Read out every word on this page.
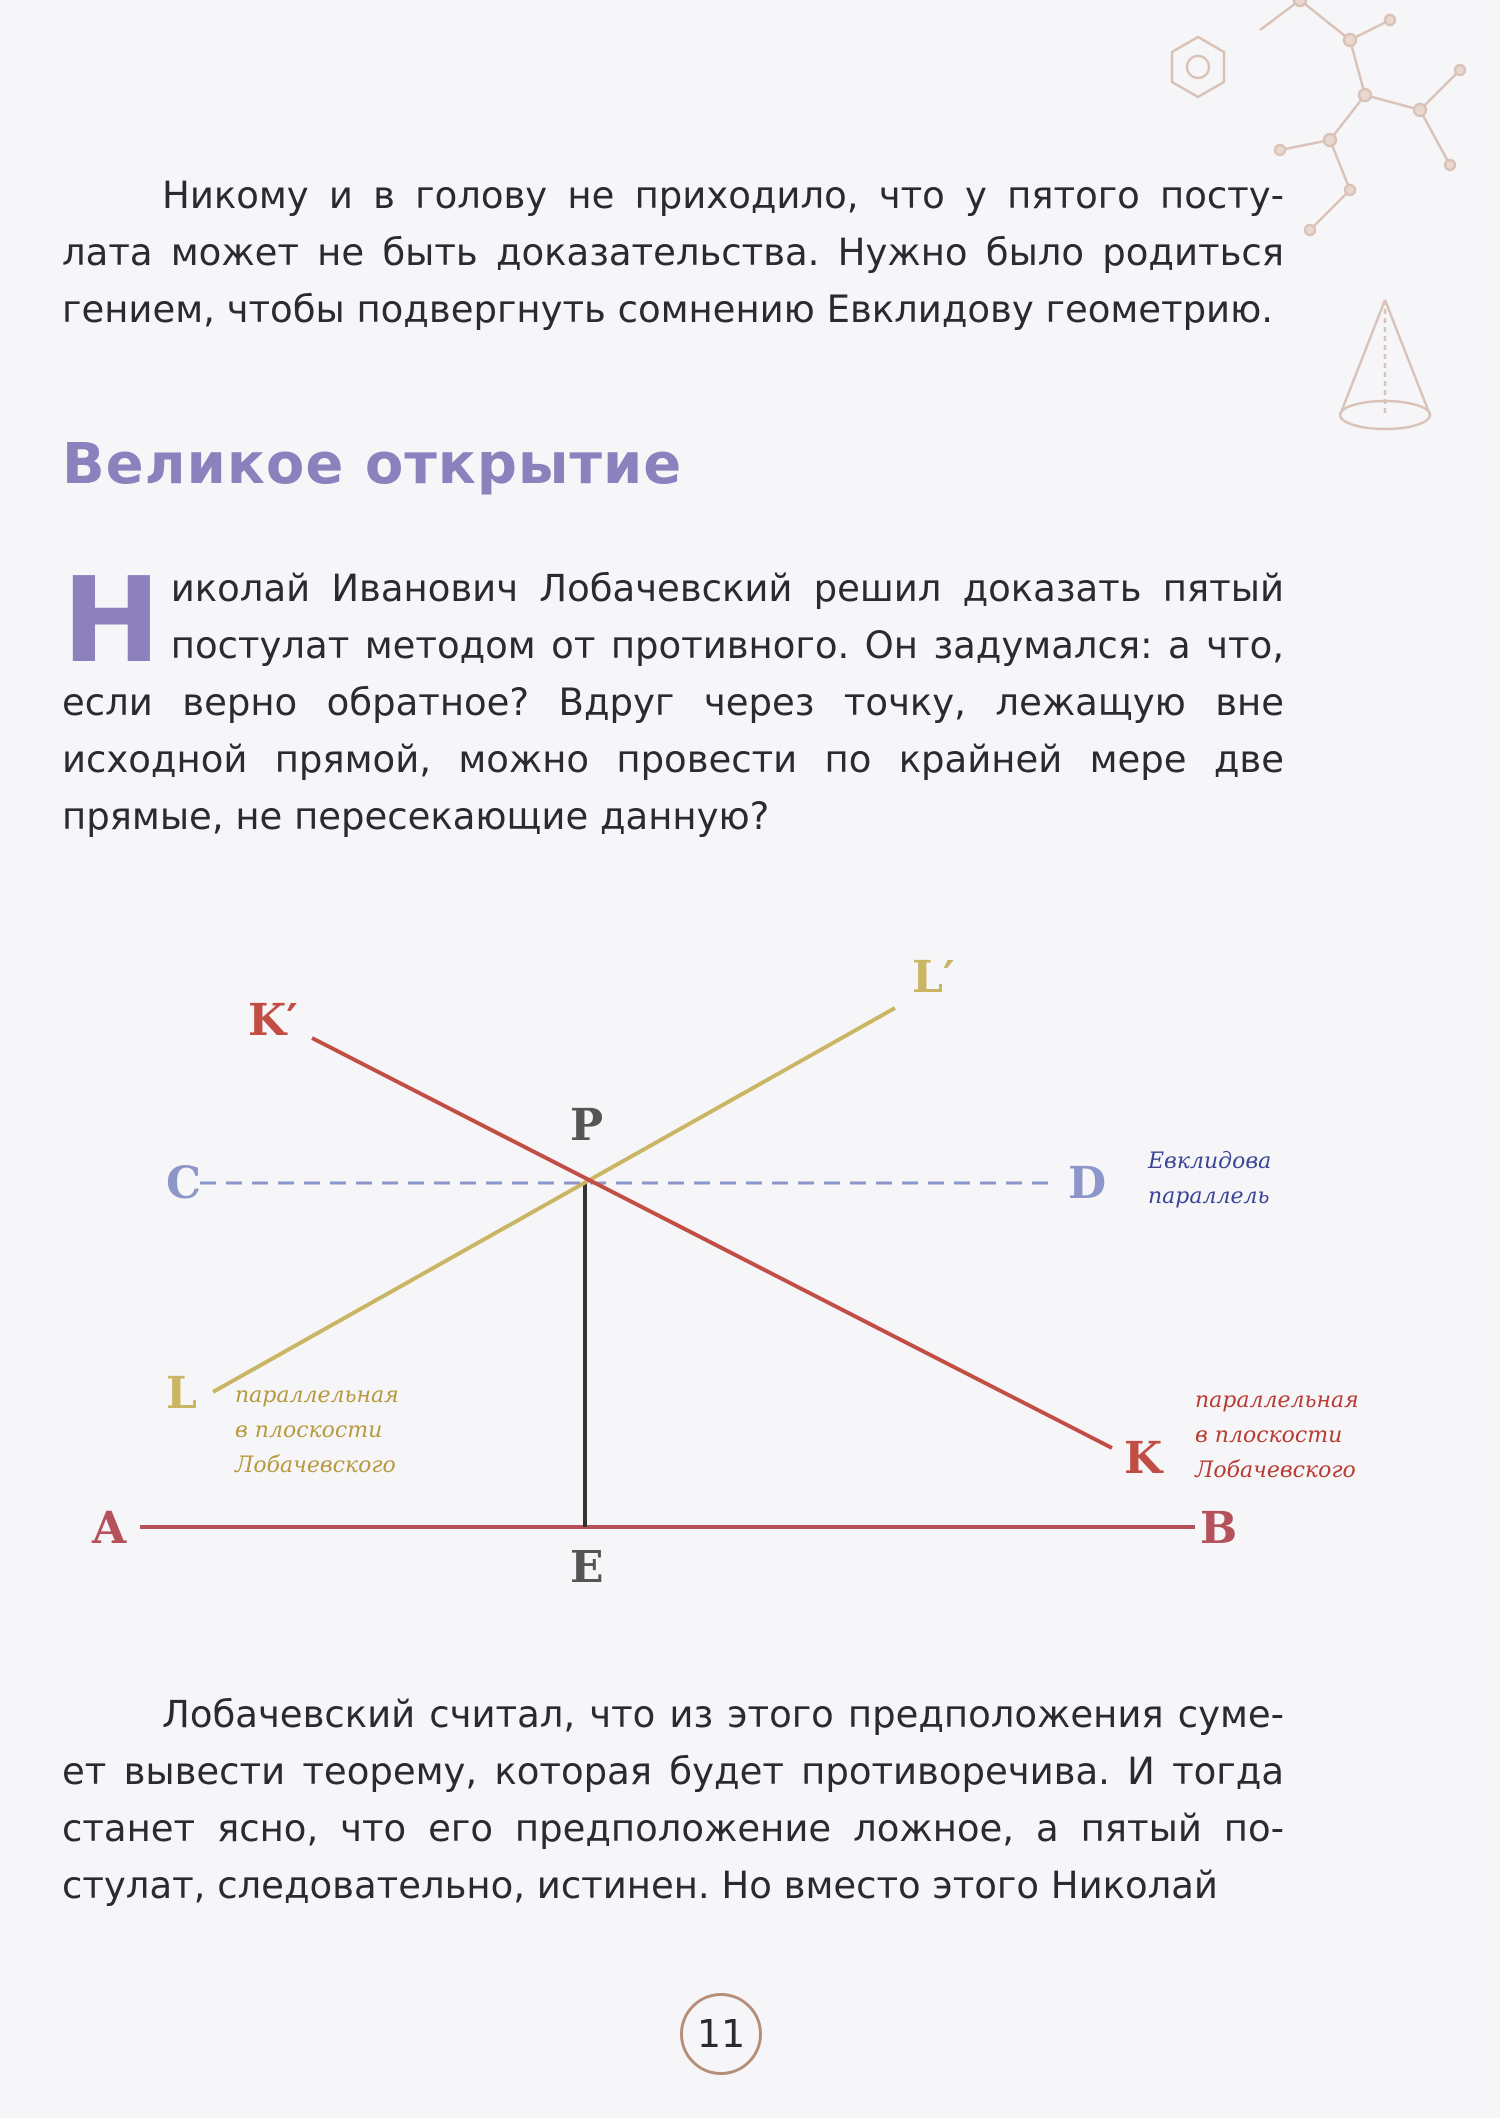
Никому и в голову не приходило, что у пятого постулата может не быть доказательства. Нужно было родиться гением, чтобы подвергнуть сомнению Евклидову геометрию.

Великое открытие
Николай Иванович Лобачевский решил доказать пятый постулат методом от противного. Он задумался: а что, если верно обратное? Вдруг через точку, лежащую вне исходной прямой, можно провести по крайней мере две прямые, не пересекающие данную?
K′
L′
P
C	D
L
K
A	B
E
Евклидова
параллель
параллельная
в плоскости
Лобачевского
параллельная
в плоскости
Лобачевского

Лобачевский считал, что из этого предположения сумеет вывести теорему, которая будет противоречива. И тогда станет ясно, что его предположение ложное, а пятый постулат, следовательно, истинен. Но вместо этого Николай

11
